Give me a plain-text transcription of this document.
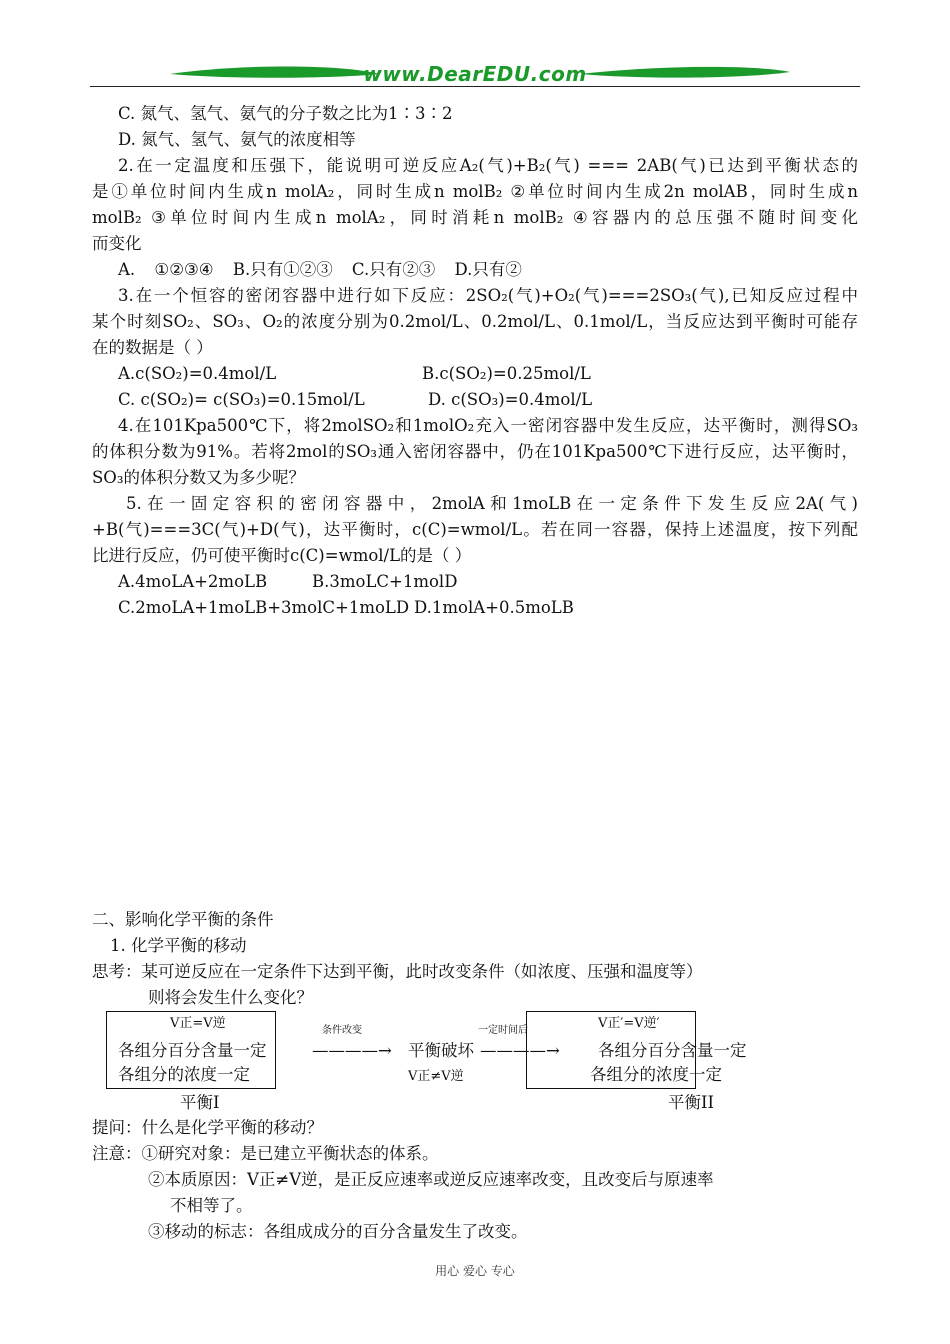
www.DearEDU.com
C. 氮气、氢气、氨气的分子数之比为1∶3∶2
D. 氮气、氢气、氨气的浓度相等
2.在一定温度和压强下，能说明可逆反应A₂(气)+B₂(气) === 2AB(气)已达到平衡状态的
是①单位时间内生成n molA₂，同时生成n molB₂ ②单位时间内生成2n molAB，同时生成n
molB₂ ③单位时间内生成n molA₂，同时消耗n molB₂ ④容器内的总压强不随时间变化
而变化
A. ①②③④ B.只有①②③ C.只有②③ D.只有②
3.在一个恒容的密闭容器中进行如下反应：2SO₂(气)+O₂(气)===2SO₃(气),已知反应过程中
某个时刻SO₂、SO₃、O₂的浓度分别为0.2mol/L、0.2mol/L、0.1mol/L，当反应达到平衡时可能存
在的数据是（ ）
A.c(SO₂)=0.4mol/L	B.c(SO₂)=0.25mol/L
C. c(SO₂)= c(SO₃)=0.15mol/L	D. c(SO₃)=0.4mol/L
4.在101Kpa500℃下，将2molSO₂和1molO₂充入一密闭容器中发生反应，达平衡时，测得SO₃
的体积分数为91%。若将2mol的SO₃通入密闭容器中，仍在101Kpa500℃下进行反应，达平衡时，
SO₃的体积分数又为多少呢？
5.在一固定容积的密闭容器中，2molA和1moLB在一定条件下发生反应2A(气)
+B(气)===3C(气)+D(气)，达平衡时，c(C)=wmol/L。若在同一容器，保持上述温度，按下列配
比进行反应，仍可使平衡时c(C)=wmol/L的是（ ）
A.4moLA+2moLB	B.3moLC+1molD
C.2moLA+1moLB+3molC+1moLD D.1molA+0.5moLB
二、影响化学平衡的条件
1. 化学平衡的移动
思考：某可逆反应在一定条件下达到平衡，此时改变条件（如浓度、压强和温度等）
则将会发生什么变化？
V正=V逆
各组分百分含量一定
各组分的浓度一定
条件改变
————→ 平衡破坏
一定时间后
————→
V正≠V逆
V正′=V逆′
各组分百分含量一定
各组分的浓度一定
平衡I	平衡II
提问：什么是化学平衡的移动？
注意：①研究对象：是已建立平衡状态的体系。
②本质原因：V正≠V逆，是正反应速率或逆反应速率改变，且改变后与原速率
不相等了。
③移动的标志：各组成成分的百分含量发生了改变。
用心 爱心 专心
